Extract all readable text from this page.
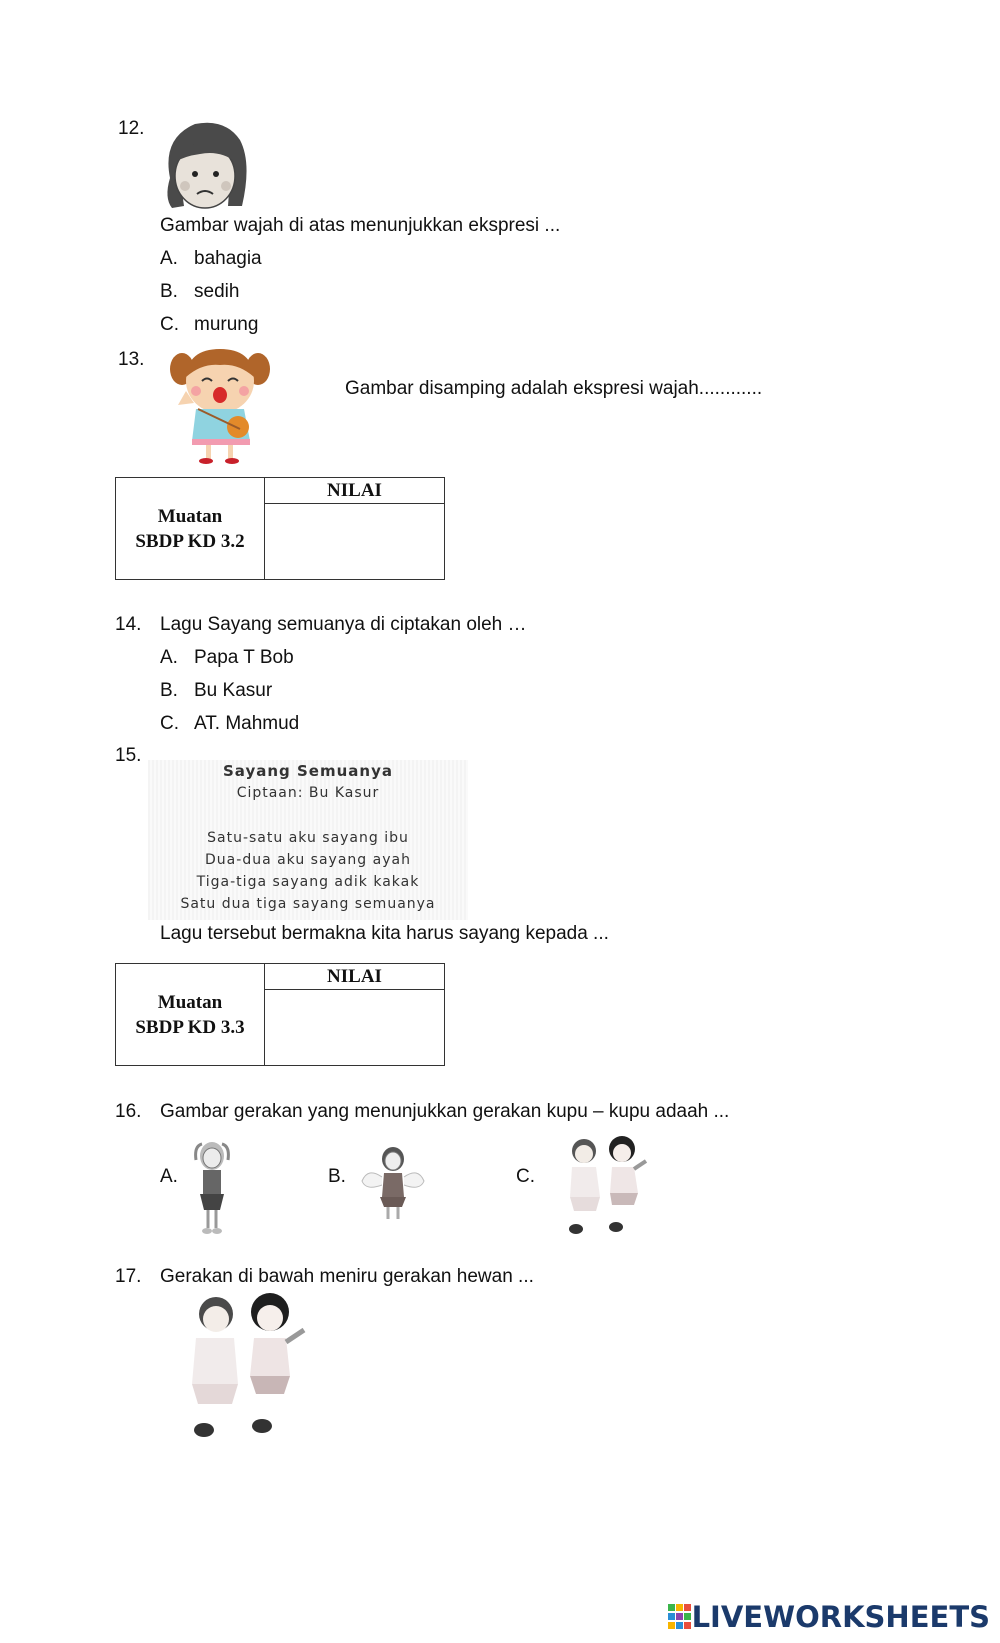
12.
Gambar wajah di atas menunjukkan ekspresi ...
A. bahagia
B. sedih
C. murung
13.
Gambar disamping adalah ekspresi wajah............
Muatan
SBDP KD 3.2
NILAI
14. Lagu Sayang semuanya di ciptakan oleh …
A. Papa T Bob
B. Bu Kasur
C. AT. Mahmud
15.
Sayang Semuanya
Ciptaan: Bu Kasur
Satu-satu aku sayang ibu
Dua-dua aku sayang ayah
Tiga-tiga sayang adik kakak
Satu dua tiga sayang semuanya
Lagu tersebut bermakna kita harus sayang kepada ...
Muatan
SBDP KD 3.3
NILAI
16. Gambar gerakan yang menunjukkan gerakan kupu – kupu adaah ...
A.	B.	C.
17. Gerakan di bawah meniru gerakan hewan ...
LIVEWORKSHEETS
